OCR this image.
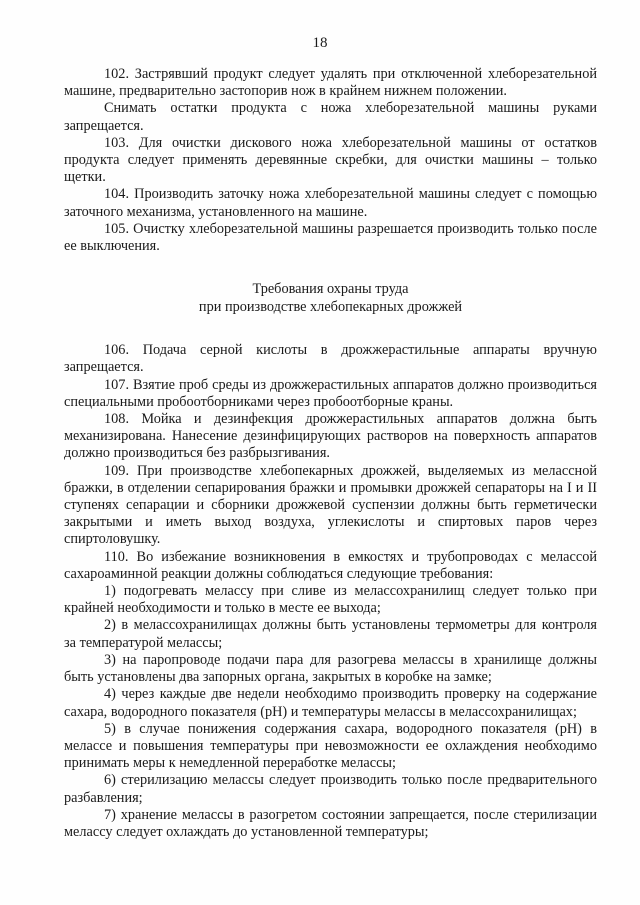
18

102. Застрявший продукт следует удалять при отключенной хлеборезательной машине, предварительно застопорив нож в крайнем нижнем положении.

Снимать остатки продукта с ножа хлеборезательной машины руками запрещается.

103. Для очистки дискового ножа хлеборезательной машины от остатков продукта следует применять деревянные скребки, для очистки машины – только щетки.

104. Производить заточку ножа хлеборезательной машины следует с помощью заточного механизма, установленного на машине.

105. Очистку хлеборезательной машины разрешается производить только после ее выключения.

Требования охраны труда
при производстве хлебопекарных дрожжей

106. Подача серной кислоты в дрожжерастильные аппараты вручную запрещается.

107. Взятие проб среды из дрожжерастильных аппаратов должно производиться специальными пробоотборниками через пробоотборные краны.

108. Мойка и дезинфекция дрожжерастильных аппаратов должна быть механизирована. Нанесение дезинфицирующих растворов на поверхность аппаратов должно производиться без разбрызгивания.

109. При производстве хлебопекарных дрожжей, выделяемых из мелассной бражки, в отделении сепарирования бражки и промывки дрожжей сепараторы на I и II ступенях сепарации и сборники дрожжевой суспензии должны быть герметически закрытыми и иметь выход воздуха, углекислоты и спиртовых паров через спиртоловушку.

110. Во избежание возникновения в емкостях и трубопроводах с мелассой сахароаминной реакции должны соблюдаться следующие требования:

1) подогревать мелассу при сливе из мелассохранилищ следует только при крайней необходимости и только в месте ее выхода;

2) в мелассохранилищах должны быть установлены термометры для контроля за температурой мелассы;

3) на паропроводе подачи пара для разогрева мелассы в хранилище должны быть установлены два запорных органа, закрытых в коробке на замке;

4) через каждые две недели необходимо производить проверку на содержание сахара, водородного показателя (pH) и температуры мелассы в мелассохранилищах;

5) в случае понижения содержания сахара, водородного показателя (pH) в мелассе и повышения температуры при невозможности ее охлаждения необходимо принимать меры к немедленной переработке мелассы;

6) стерилизацию мелассы следует производить только после предварительного разбавления;

7) хранение мелассы в разогретом состоянии запрещается, после стерилизации мелассу следует охлаждать до установленной температуры;
